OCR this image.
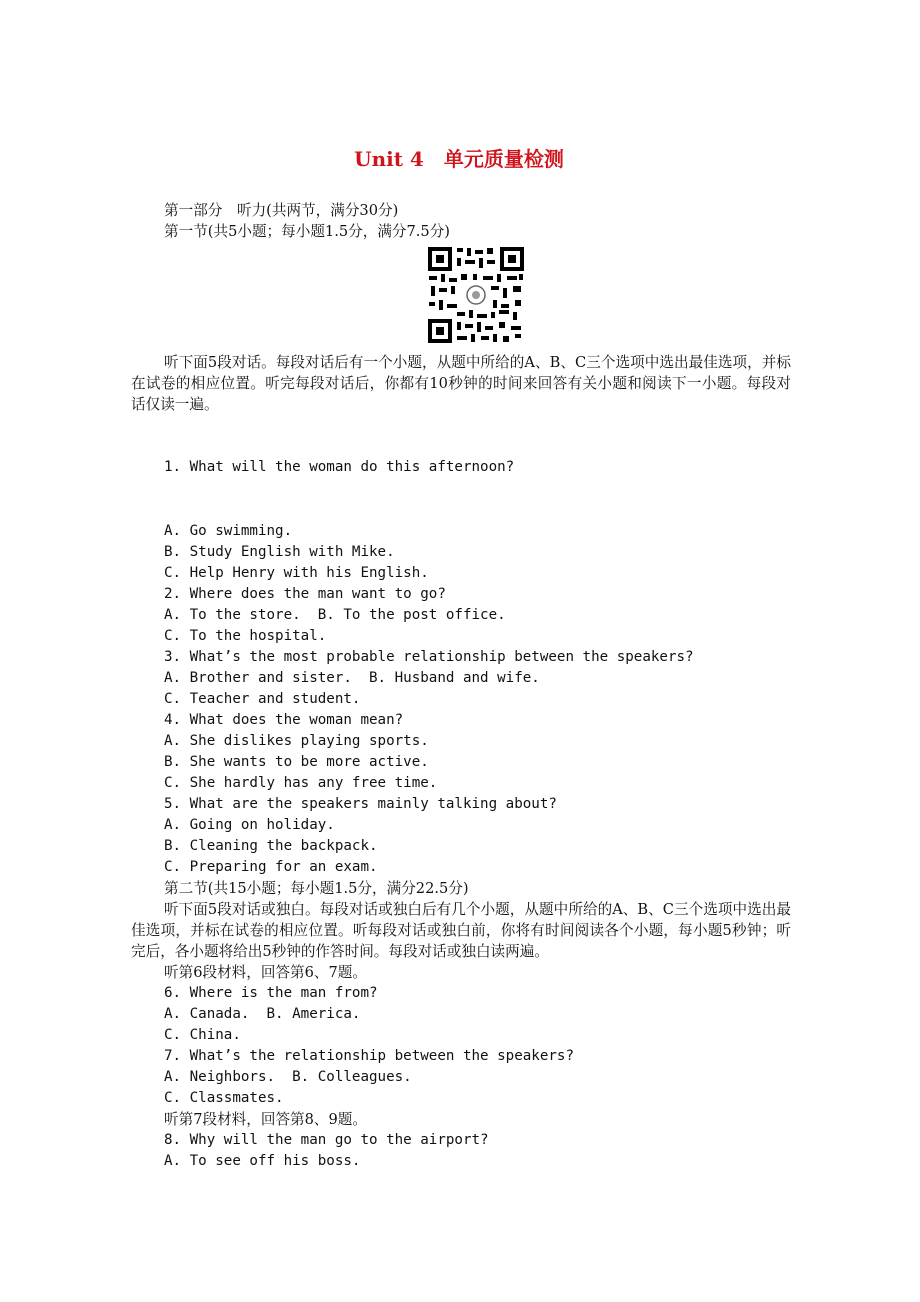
Unit 4　单元质量检测
第一部分　听力(共两节，满分30分)
第一节(共5小题；每小题1.5分，满分7.5分)
听下面5段对话。每段对话后有一个小题，从题中所给的A、B、C三个选项中选出最佳选项，并标在试卷的相应位置。听完每段对话后，你都有10秒钟的时间来回答有关小题和阅读下一小题。每段对话仅读一遍。
1. What will the woman do this afternoon?
A. Go swimming.
B. Study English with Mike.
C. Help Henry with his English.
2. Where does the man want to go?
A. To the store.  B. To the post office.
C. To the hospital.
3. What’s the most probable relationship between the speakers?
A. Brother and sister.  B. Husband and wife.
C. Teacher and student.
4. What does the woman mean?
A. She dislikes playing sports.
B. She wants to be more active.
C. She hardly has any free time.
5. What are the speakers mainly talking about?
A. Going on holiday.
B. Cleaning the backpack.
C. Preparing for an exam.
第二节(共15小题；每小题1.5分，满分22.5分)
听下面5段对话或独白。每段对话或独白后有几个小题，从题中所给的A、B、C三个选项中选出最佳选项，并标在试卷的相应位置。听每段对话或独白前，你将有时间阅读各个小题，每小题5秒钟；听完后，各小题将给出5秒钟的作答时间。每段对话或独白读两遍。
听第6段材料，回答第6、7题。
6. Where is the man from?
A. Canada.  B. America.
C. China.
7. What’s the relationship between the speakers?
A. Neighbors.  B. Colleagues.
C. Classmates.
听第7段材料，回答第8、9题。
8. Why will the man go to the airport?
A. To see off his boss.
